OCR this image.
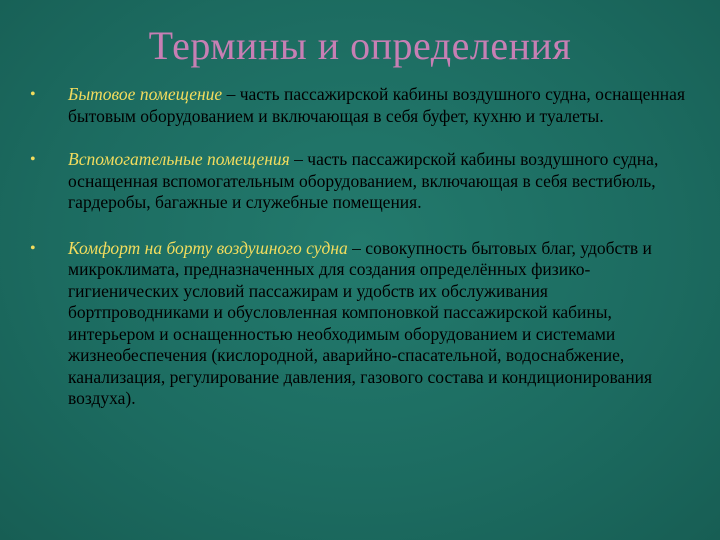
Термины и определения
• Бытовое помещение – часть пассажирской кабины воздушного судна, оснащенная бытовым оборудованием и включающая в себя буфет, кухню и туалеты.
• Вспомогательные помещения – часть пассажирской кабины воздушного судна, оснащенная вспомогательным оборудованием, включающая в себя вестибюль, гардеробы, багажные и служебные помещения.
• Комфорт на борту воздушного судна – совокупность бытовых благ, удобств и микроклимата, предназначенных для создания определённых физико-гигиенических условий пассажирам и удобств их обслуживания бортпроводниками и обусловленная компоновкой пассажирской кабины, интерьером и оснащенностью необходимым оборудованием и системами жизнеобеспечения (кислородной, аварийно-спасательной, водоснабжение, канализация, регулирование давления, газового состава и кондиционирования воздуха).
